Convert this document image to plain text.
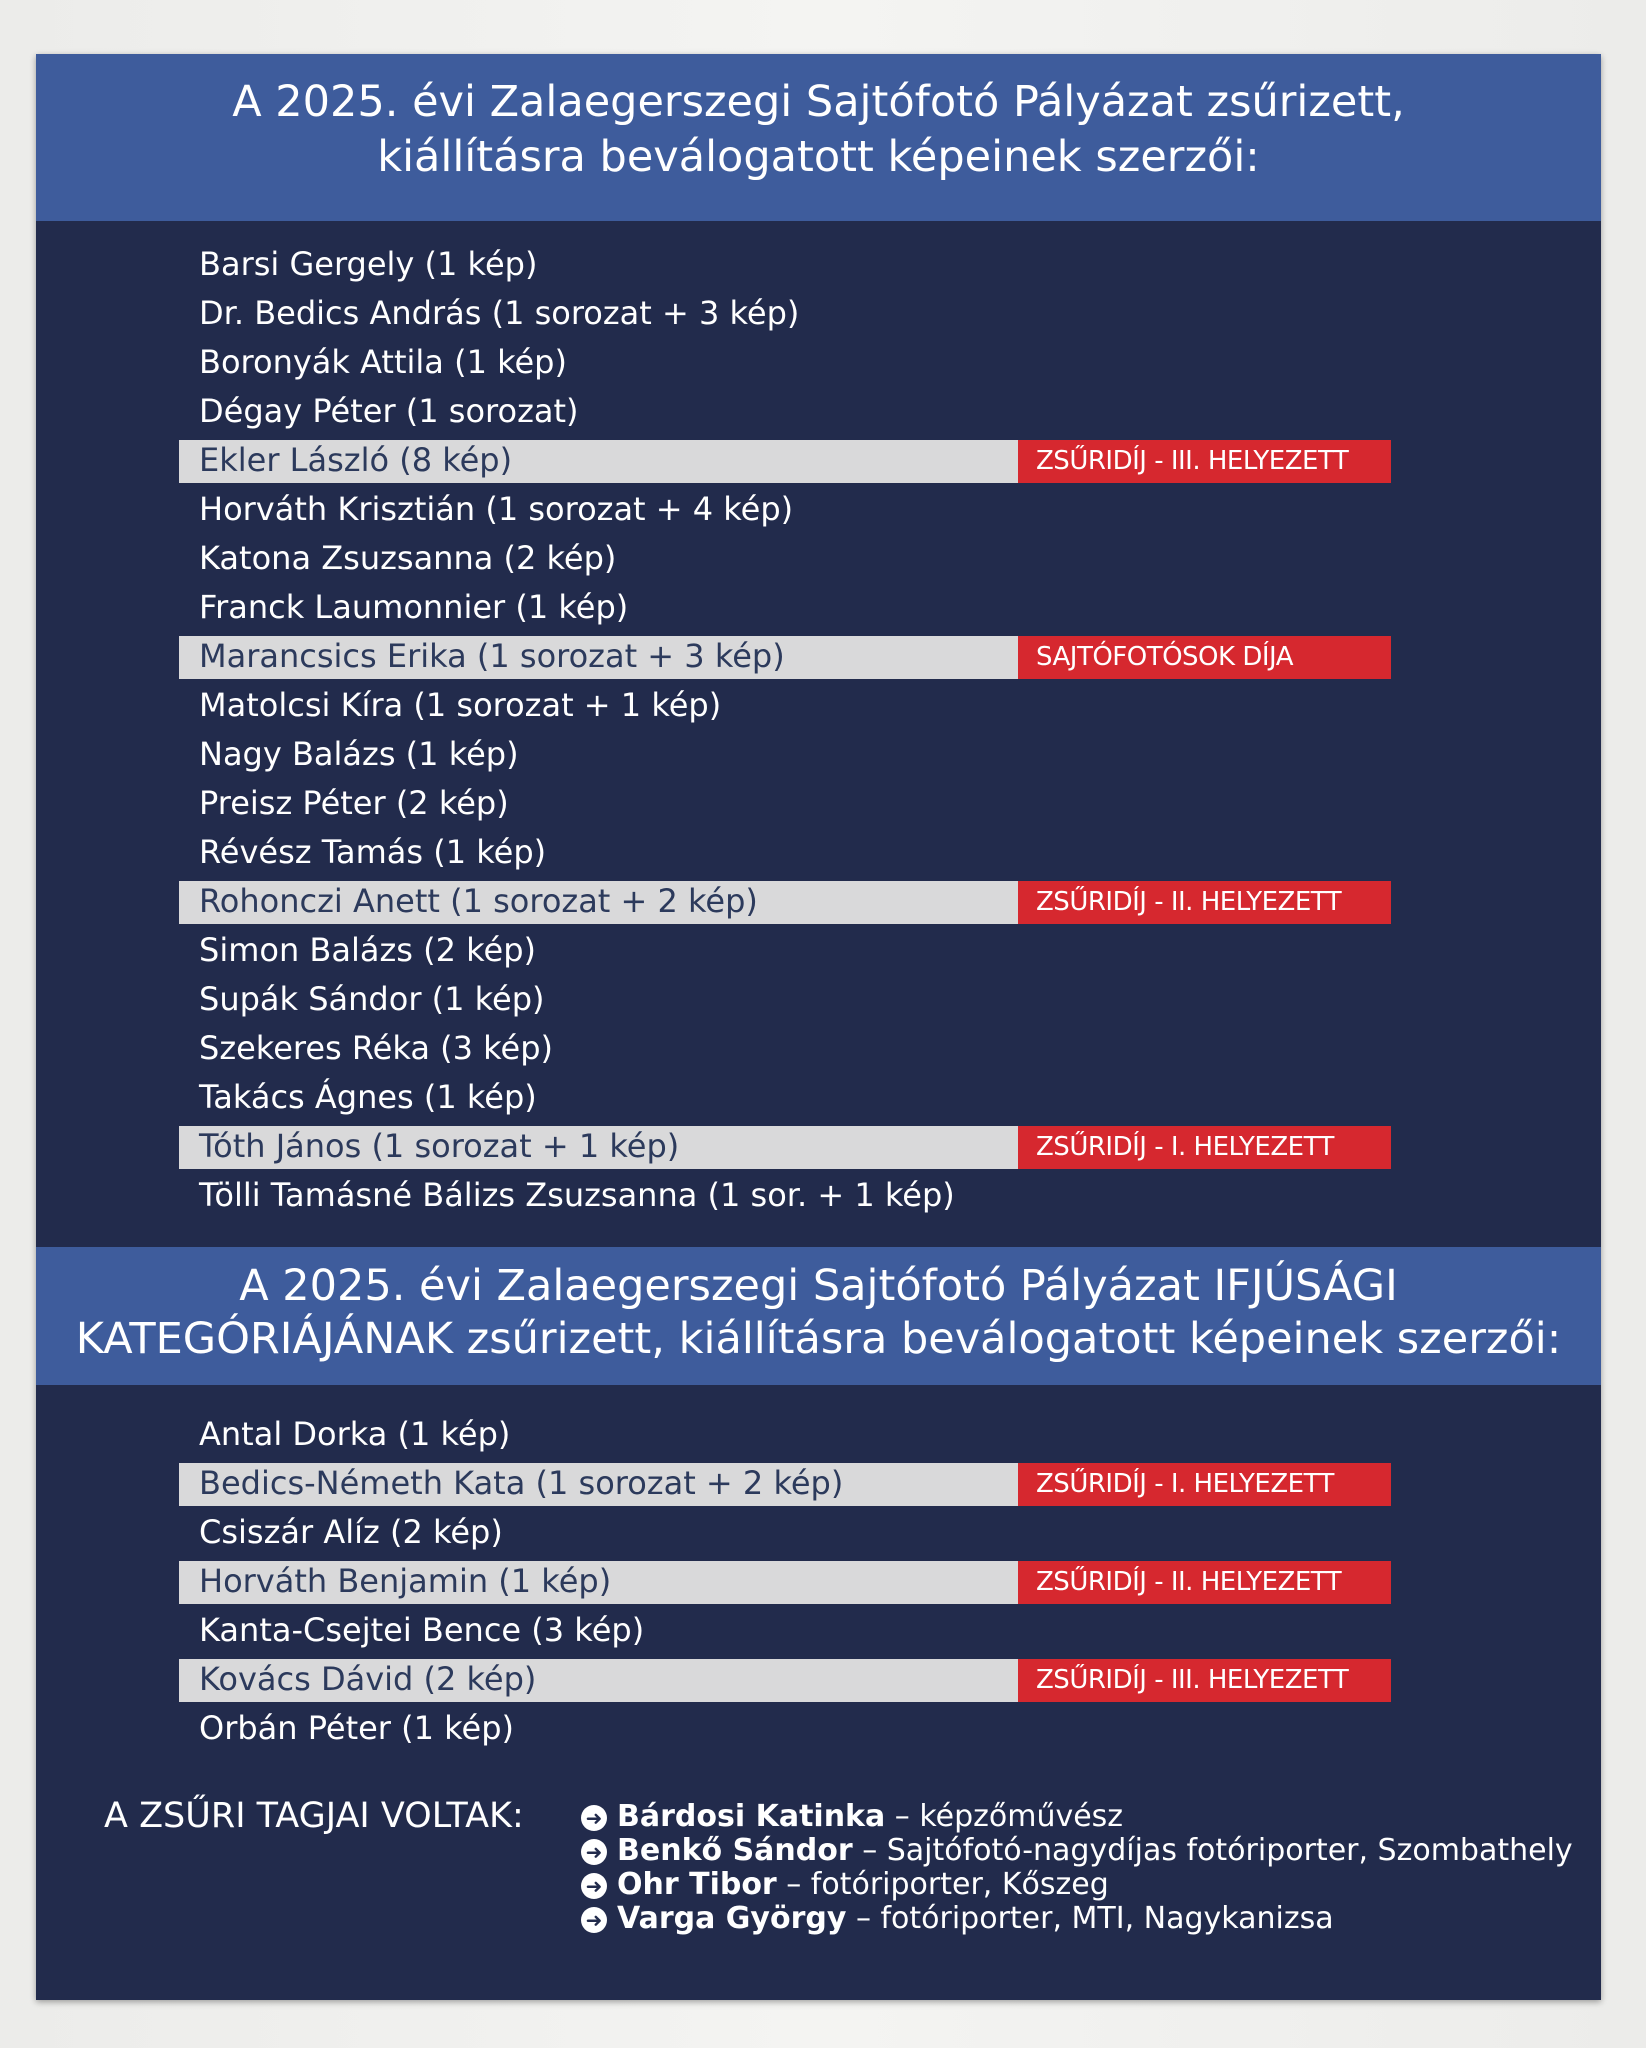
A 2025. évi Zalaegerszegi Sajtófotó Pályázat zsűrizett,
kiállításra beválogatott képeinek szerzői:
Barsi Gergely (1 kép)
Dr. Bedics András (1 sorozat + 3 kép)
Boronyák Attila (1 kép)
Dégay Péter (1 sorozat)
Ekler László (8 kép)	ZSŰRIDÍJ - III. HELYEZETT
Horváth Krisztián (1 sorozat + 4 kép)
Katona Zsuzsanna (2 kép)
Franck Laumonnier (1 kép)
Marancsics Erika (1 sorozat + 3 kép)	SAJTÓFOTÓSOK DÍJA
Matolcsi Kíra (1 sorozat + 1 kép)
Nagy Balázs (1 kép)
Preisz Péter (2 kép)
Révész Tamás (1 kép)
Rohonczi Anett (1 sorozat + 2 kép)	ZSŰRIDÍJ - II. HELYEZETT
Simon Balázs (2 kép)
Supák Sándor (1 kép)
Szekeres Réka (3 kép)
Takács Ágnes (1 kép)
Tóth János (1 sorozat + 1 kép)	ZSŰRIDÍJ - I. HELYEZETT
Tölli Tamásné Bálizs Zsuzsanna (1 sor. + 1 kép)
A 2025. évi Zalaegerszegi Sajtófotó Pályázat IFJÚSÁGI
KATEGÓRIÁJÁNAK zsűrizett, kiállításra beválogatott képeinek szerzői:
Antal Dorka (1 kép)
Bedics-Németh Kata (1 sorozat + 2 kép)	ZSŰRIDÍJ - I. HELYEZETT
Csiszár Alíz (2 kép)
Horváth Benjamin (1 kép)	ZSŰRIDÍJ - II. HELYEZETT
Kanta-Csejtei Bence (3 kép)
Kovács Dávid (2 kép)	ZSŰRIDÍJ - III. HELYEZETT
Orbán Péter (1 kép)
A ZSŰRI TAGJAI VOLTAK:	➜ Bárdosi Katinka – képzőművész
➜ Benkő Sándor – Sajtófotó-nagydíjas fotóriporter, Szombathely
➜ Ohr Tibor – fotóriporter, Kőszeg
➜ Varga György – fotóriporter, MTI, Nagykanizsa
